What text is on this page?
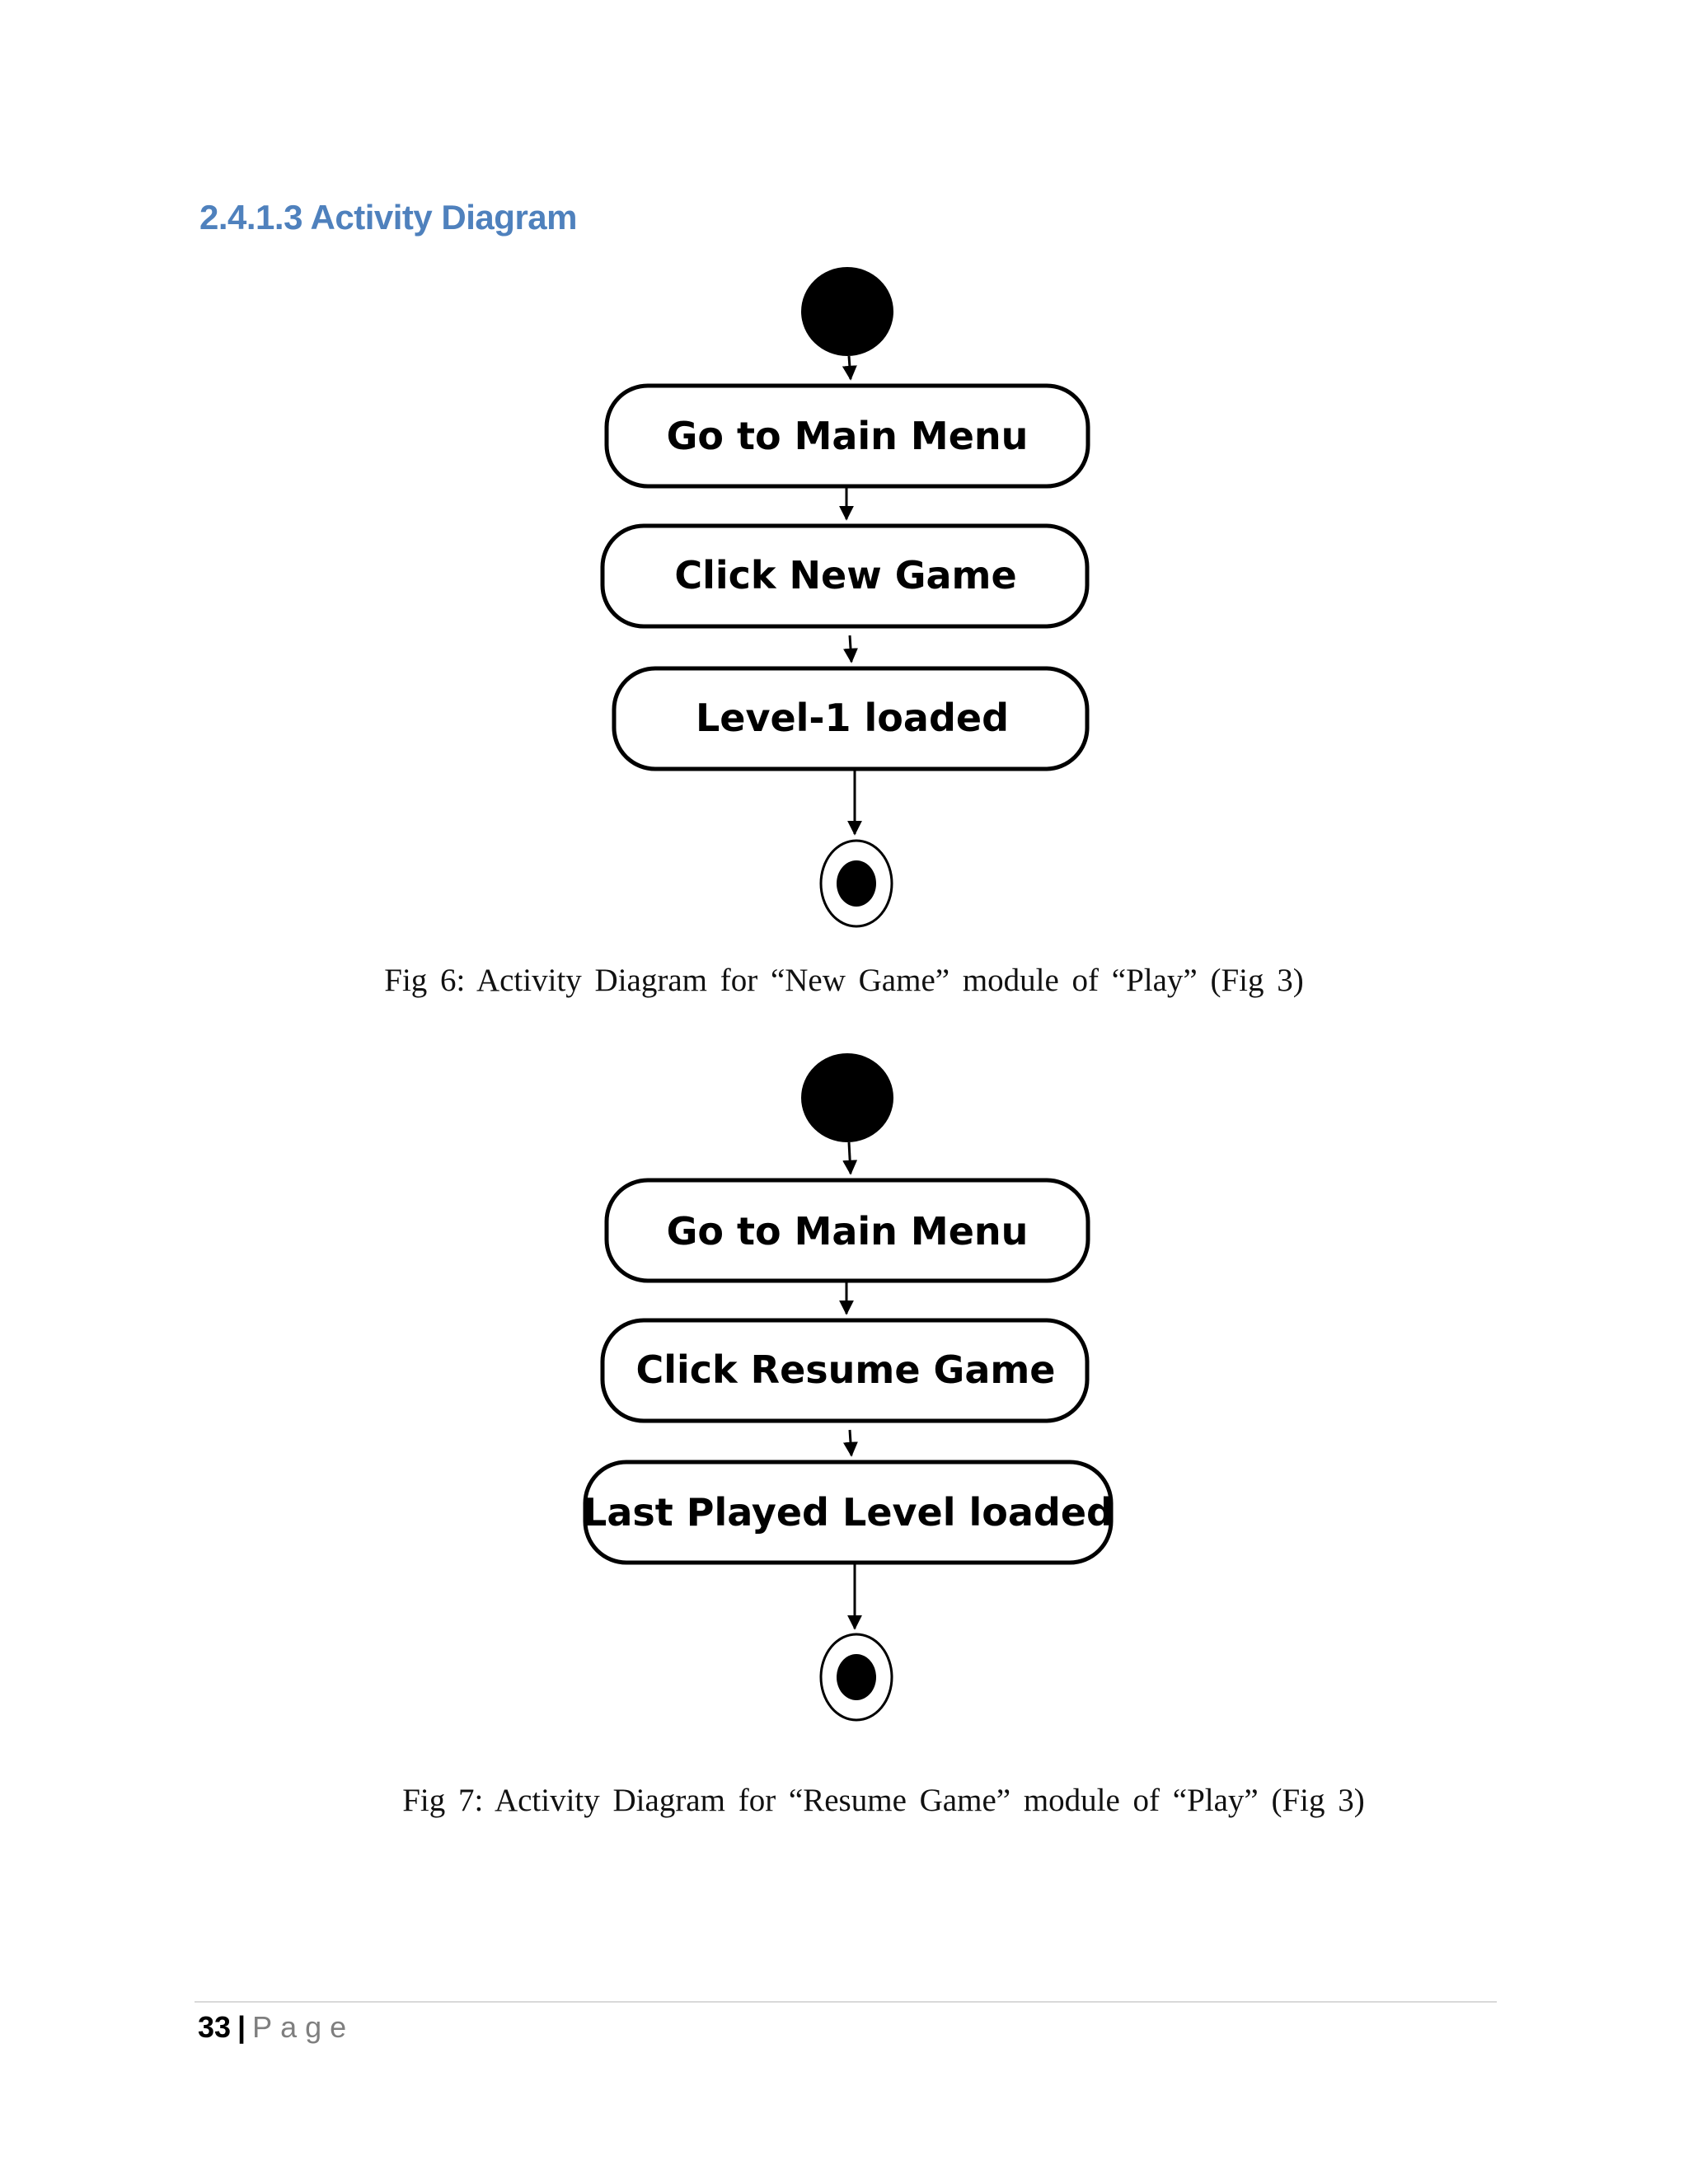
2.4.1.3 Activity Diagram
Go to Main Menu
Click New Game
Level-1 loaded
Go to Main Menu
Click Resume Game
Last Played Level loaded

Fig 6: Activity Diagram for “New Game” module of “Play” (Fig 3)

Fig 7: Activity Diagram for “Resume Game” module of “Play” (Fig 3)

33 | Page
